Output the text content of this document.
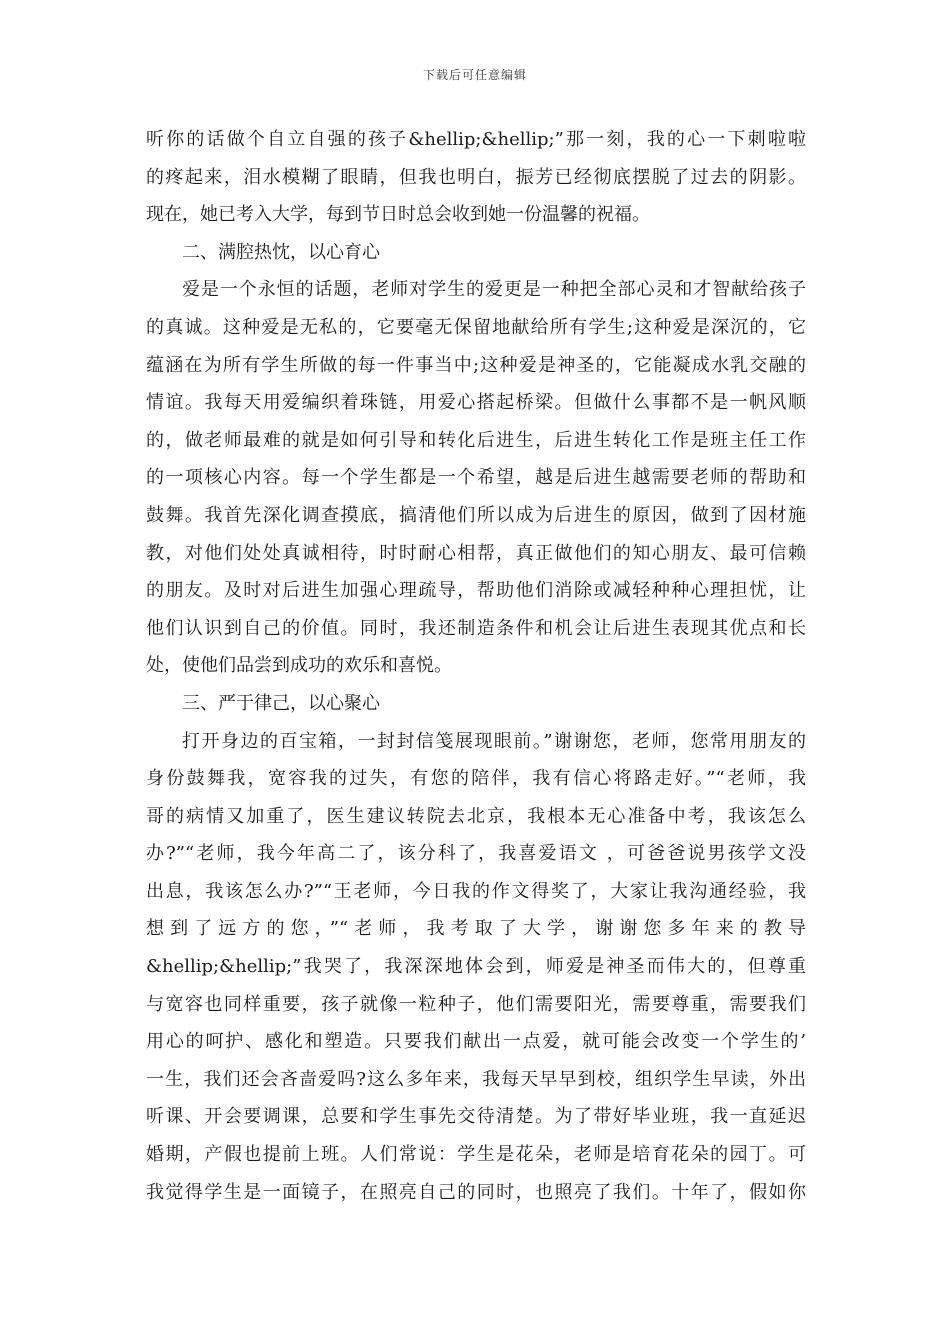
下载后可任意编辑
听你的话做个自立自强的孩子&hellip;&hellip;”那一刻，我的心一下刺啦啦
的疼起来，泪水模糊了眼睛，但我也明白，振芳已经彻底摆脱了过去的阴影。
现在，她已考入大学，每到节日时总会收到她一份温馨的祝福。
二、满腔热忱，以心育心
爱是一个永恒的话题，老师对学生的爱更是一种把全部心灵和才智献给孩子
的真诚。这种爱是无私的，它要毫无保留地献给所有学生;这种爱是深沉的，它
蕴涵在为所有学生所做的每一件事当中;这种爱是神圣的，它能凝成水乳交融的
情谊。我每天用爱编织着珠链，用爱心搭起桥梁。但做什么事都不是一帆风顺
的，做老师最难的就是如何引导和转化后进生，后进生转化工作是班主任工作
的一项核心内容。每一个学生都是一个希望，越是后进生越需要老师的帮助和
鼓舞。我首先深化调查摸底，搞清他们所以成为后进生的原因，做到了因材施
教，对他们处处真诚相待，时时耐心相帮，真正做他们的知心朋友、最可信赖
的朋友。及时对后进生加强心理疏导，帮助他们消除或减轻种种心理担忧，让
他们认识到自己的价值。同时，我还制造条件和机会让后进生表现其优点和长
处，使他们品尝到成功的欢乐和喜悦。
三、严于律己，以心聚心
打开身边的百宝箱，一封封信笺展现眼前。”谢谢您，老师，您常用朋友的
身份鼓舞我，宽容我的过失，有您的陪伴，我有信心将路走好。”“老师，我
哥的病情又加重了，医生建议转院去北京，我根本无心准备中考，我该怎么
办?”“老师，我今年高二了，该分科了，我喜爱语文 ，可爸爸说男孩学文没
出息，我该怎么办?”“王老师，今日我的作文得奖了，大家让我沟通经验，我
想到了远方的您，”“老师，我考取了大学，谢谢您多年来的教导
&hellip;&hellip;”我哭了，我深深地体会到，师爱是神圣而伟大的，但尊重
与宽容也同样重要，孩子就像一粒种子，他们需要阳光，需要尊重，需要我们
用心的呵护、感化和塑造。只要我们献出一点爱，就可能会改变一个学生的’
一生，我们还会吝啬爱吗?这么多年来，我每天早早到校，组织学生早读，外出
听课、开会要调课，总要和学生事先交待清楚。为了带好毕业班，我一直延迟
婚期，产假也提前上班。人们常说：学生是花朵，老师是培育花朵的园丁。可
我觉得学生是一面镜子，在照亮自己的同时，也照亮了我们。十年了，假如你
